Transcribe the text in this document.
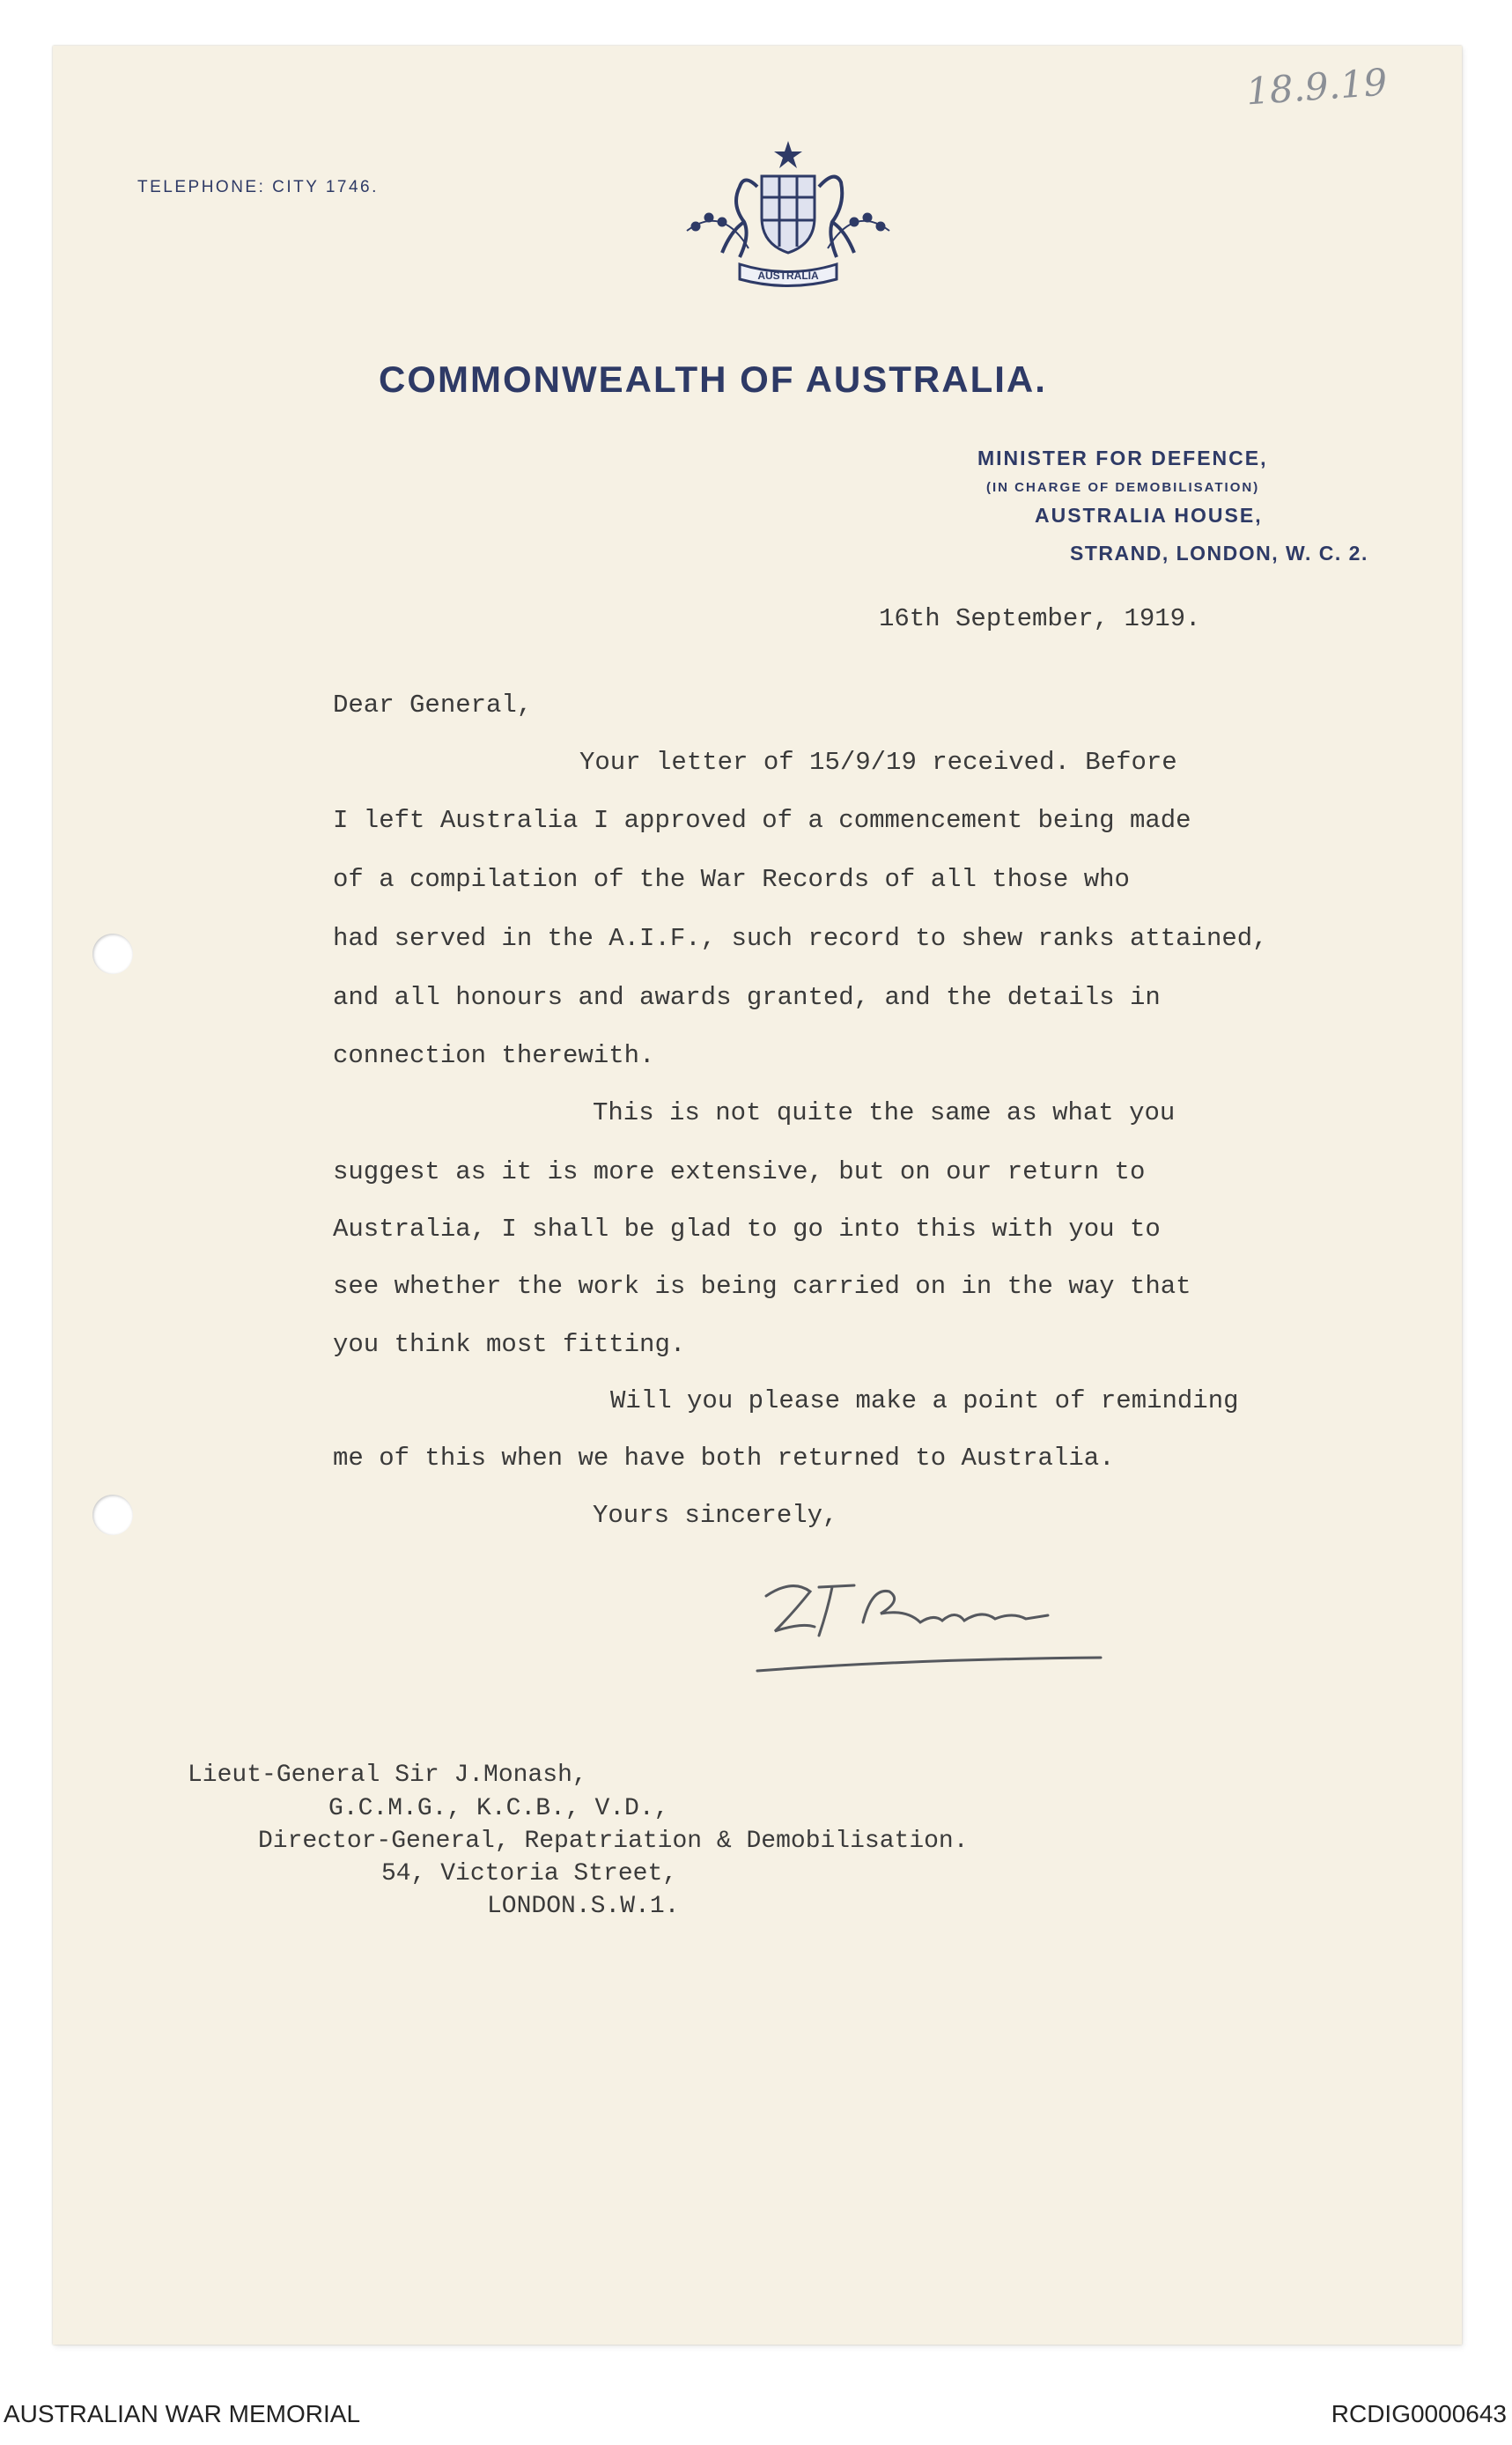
TELEPHONE: CITY 1746.
AUSTRALIA
COMMONWEALTH OF AUSTRALIA.
MINISTER FOR DEFENCE,
(IN CHARGE OF DEMOBILISATION)
AUSTRALIA HOUSE,
STRAND, LONDON, W. C. 2.
18.9.19
16th September, 1919.
Dear General,
Your letter of 15/9/19 received. Before
I left Australia I approved of a commencement being made
of a compilation of the War Records of all those who
had served in the A.I.F., such record to shew ranks attained,
and all honours and awards granted, and the details in
connection therewith.
This is not quite the same as what you
suggest as it is more extensive, but on our return to
Australia, I shall be glad to go into this with you to
see whether the work is being carried on in the way that
you think most fitting.
Will you please make a point of reminding
me of this when we have both returned to Australia.
Yours sincerely,
G F Pearce
Lieut-General Sir J.Monash,
G.C.M.G., K.C.B., V.D.,
Director-General, Repatriation & Demobilisation.
54, Victoria Street,
LONDON.S.W.1.
AUSTRALIAN WAR MEMORIAL	RCDIG0000643
